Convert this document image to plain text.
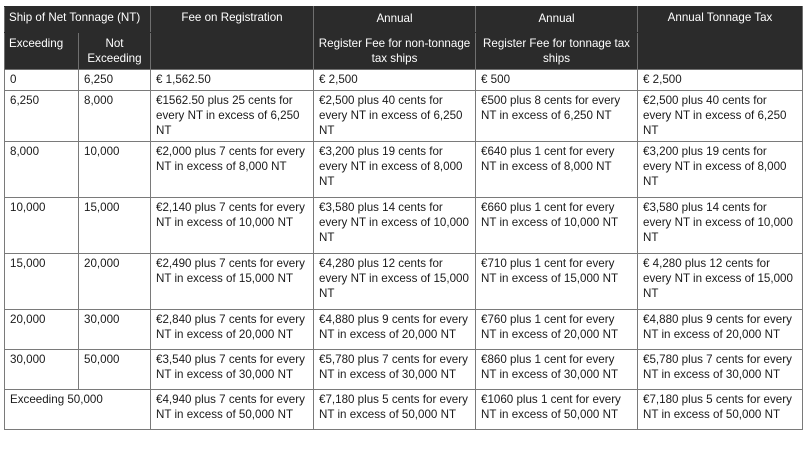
Ship of Net Tonnage (NT)		Fee on Registration	Annual	Annual	Annual Tonnage Tax
Exceeding	Not Exceeding		Register Fee for non-tonnage tax ships	Register Fee for tonnage tax ships	
0	6,250	€ 1,562.50	€ 2,500	€ 500	€ 2,500
6,250	8,000	€1562.50 plus 25 cents for every NT in excess of 6,250 NT	€2,500 plus 40 cents for every NT in excess of 6,250 NT	€500 plus 8 cents for every NT in excess of 6,250 NT	€2,500 plus 40 cents for every NT in excess of 6,250 NT
8,000	10,000	€2,000 plus 7 cents for every NT in excess of 8,000 NT	€3,200 plus 19 cents for every NT in excess of 8,000 NT	€640 plus 1 cent for every NT in excess of 8,000 NT	€3,200 plus 19 cents for every NT in excess of 8,000 NT
10,000	15,000	€2,140 plus 7 cents for every NT in excess of 10,000 NT	€3,580 plus 14 cents for every NT in excess of 10,000 NT	€660 plus 1 cent for every NT in excess of 10,000 NT	€3,580 plus 14 cents for every NT in excess of 10,000 NT
15,000	20,000	€2,490 plus 7 cents for every NT in excess of 15,000 NT	€4,280 plus 12 cents for every NT in excess of 15,000 NT	€710 plus 1 cent for every NT in excess of 15,000 NT	€ 4,280 plus 12 cents for every NT in excess of 15,000 NT
20,000	30,000	€2,840 plus 7 cents for every NT in excess of 20,000 NT	€4,880 plus 9 cents for every NT in excess of 20,000 NT	€760 plus 1 cent for every NT in excess of 20,000 NT	€4,880 plus 9 cents for every NT in excess of 20,000 NT
30,000	50,000	€3,540 plus 7 cents for every NT in excess of 30,000 NT	€5,780 plus 7 cents for every NT in excess of 30,000 NT	€860 plus 1 cent for every NT in excess of 30,000 NT	€5,780 plus 7 cents for every NT in excess of 30,000 NT
Exceeding 50,000		€4,940 plus 7 cents for every NT in excess of 50,000 NT	€7,180 plus 5 cents for every NT in excess of 50,000 NT	€1060 plus 1 cent for every NT in excess of 50,000 NT	€7,180 plus 5 cents for every NT in excess of 50,000 NT
